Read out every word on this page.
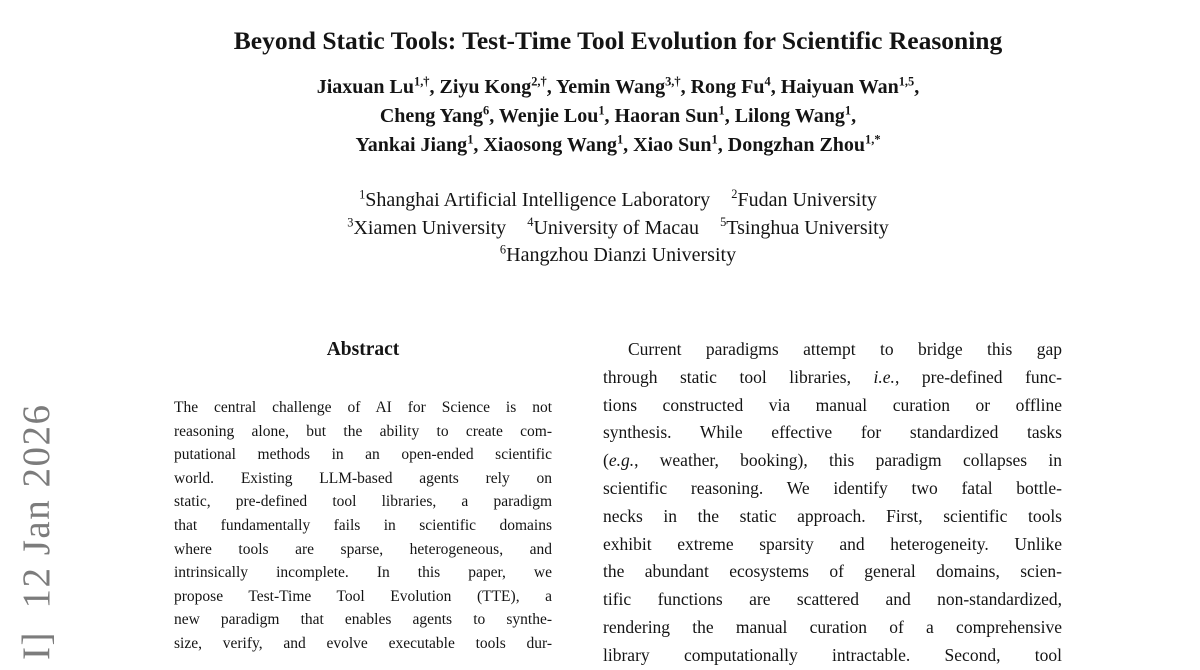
I]  12 Jan 2026
Beyond Static Tools: Test-Time Tool Evolution for Scientific Reasoning
Jiaxuan $Lu^{1,\dagger}$, Ziyu Kong$^{2,\dagger}$, Yemin Wang$^{3,\dagger}$, Rong Fu$^4$, Haiyuan Wan$^{1,5}$,
Cheng Yang$^6$, Wenjie Lou$^1$, Haoran Sun$^1$, Lilong Wang$^1$,
Yankai Jiang$^1$, Xiaosong Wang$^1$, Xiao Sun$^1$, Dongzhan Zhou$^{1,*}$
$^1$Shanghai Artificial Intelligence Laboratory $^2$Fudan University
$^3$Xiamen University $^4$University of Macau $^5$Tsinghua University
$^6$Hangzhou Dianzi University
Abstract
The central challenge of AI for Science is not
reasoning alone, but the ability to create com-
putational methods in an open-ended scientific
world. Existing LLM-based agents rely on
static, pre-defined tool libraries, a paradigm
that fundamentally fails in scientific domains
where tools are sparse, heterogeneous, and
intrinsically incomplete. In this paper, we
propose Test-Time Tool Evolution (TTE), a
new paradigm that enables agents to synthe-
size, verify, and evolve executable tools dur-
Current paradigms attempt to bridge this gap
through static tool libraries, i.e., pre-defined func-
tions constructed via manual curation or offline
synthesis. While effective for standardized tasks
(e.g., weather, booking), this paradigm collapses in
scientific reasoning. We identify two fatal bottle-
necks in the static approach. First, scientific tools
exhibit extreme sparsity and heterogeneity. Unlike
the abundant ecosystems of general domains, scien-
tific functions are scattered and non-standardized,
rendering the manual curation of a comprehensive
library computationally intractable. Second, tool
